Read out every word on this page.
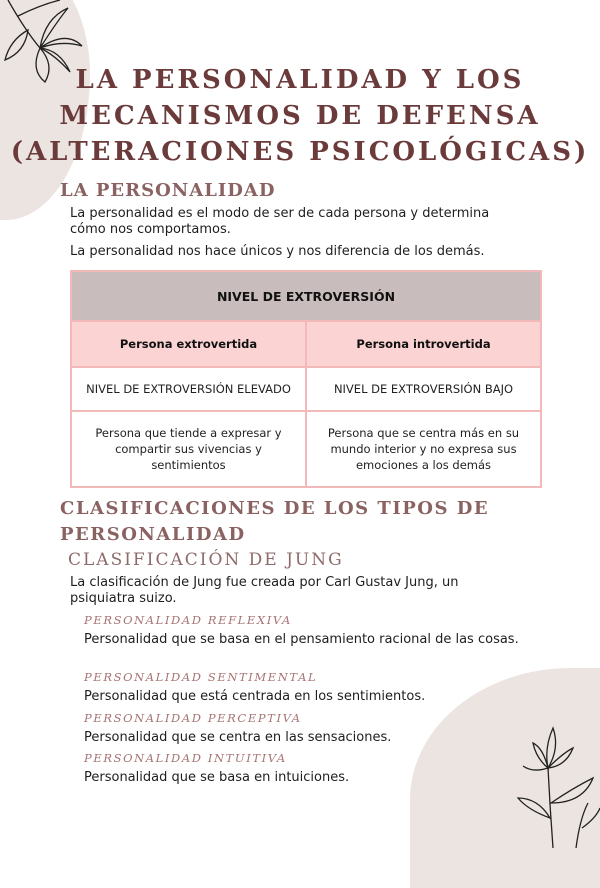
LA PERSONALIDAD Y LOS
MECANISMOS DE DEFENSA
(ALTERACIONES PSICOLÓGICAS)
LA PERSONALIDAD
La personalidad es el modo de ser de cada persona y determina cómo nos comportamos.
La personalidad nos hace únicos y nos diferencia de los demás.
NIVEL DE EXTROVERSIÓN	
Persona extrovertida	Persona introvertida
NIVEL DE EXTROVERSIÓN ELEVADO	NIVEL DE EXTROVERSIÓN BAJO
Persona que tiende a expresar y compartir sus vivencias y sentimientos	Persona que se centra más en su mundo interior y no expresa sus emociones a los demás
CLASIFICACIONES DE LOS TIPOS DE
PERSONALIDAD
CLASIFICACIÓN DE JUNG
La clasificación de Jung fue creada por Carl Gustav Jung, un psiquiatra suizo.
PERSONALIDAD REFLEXIVA
Personalidad que se basa en el pensamiento racional de las cosas.
PERSONALIDAD SENTIMENTAL
Personalidad que está centrada en los sentimientos.
PERSONALIDAD PERCEPTIVA
Personalidad que se centra en las sensaciones.
PERSONALIDAD INTUITIVA
Personalidad que se basa en intuiciones.
